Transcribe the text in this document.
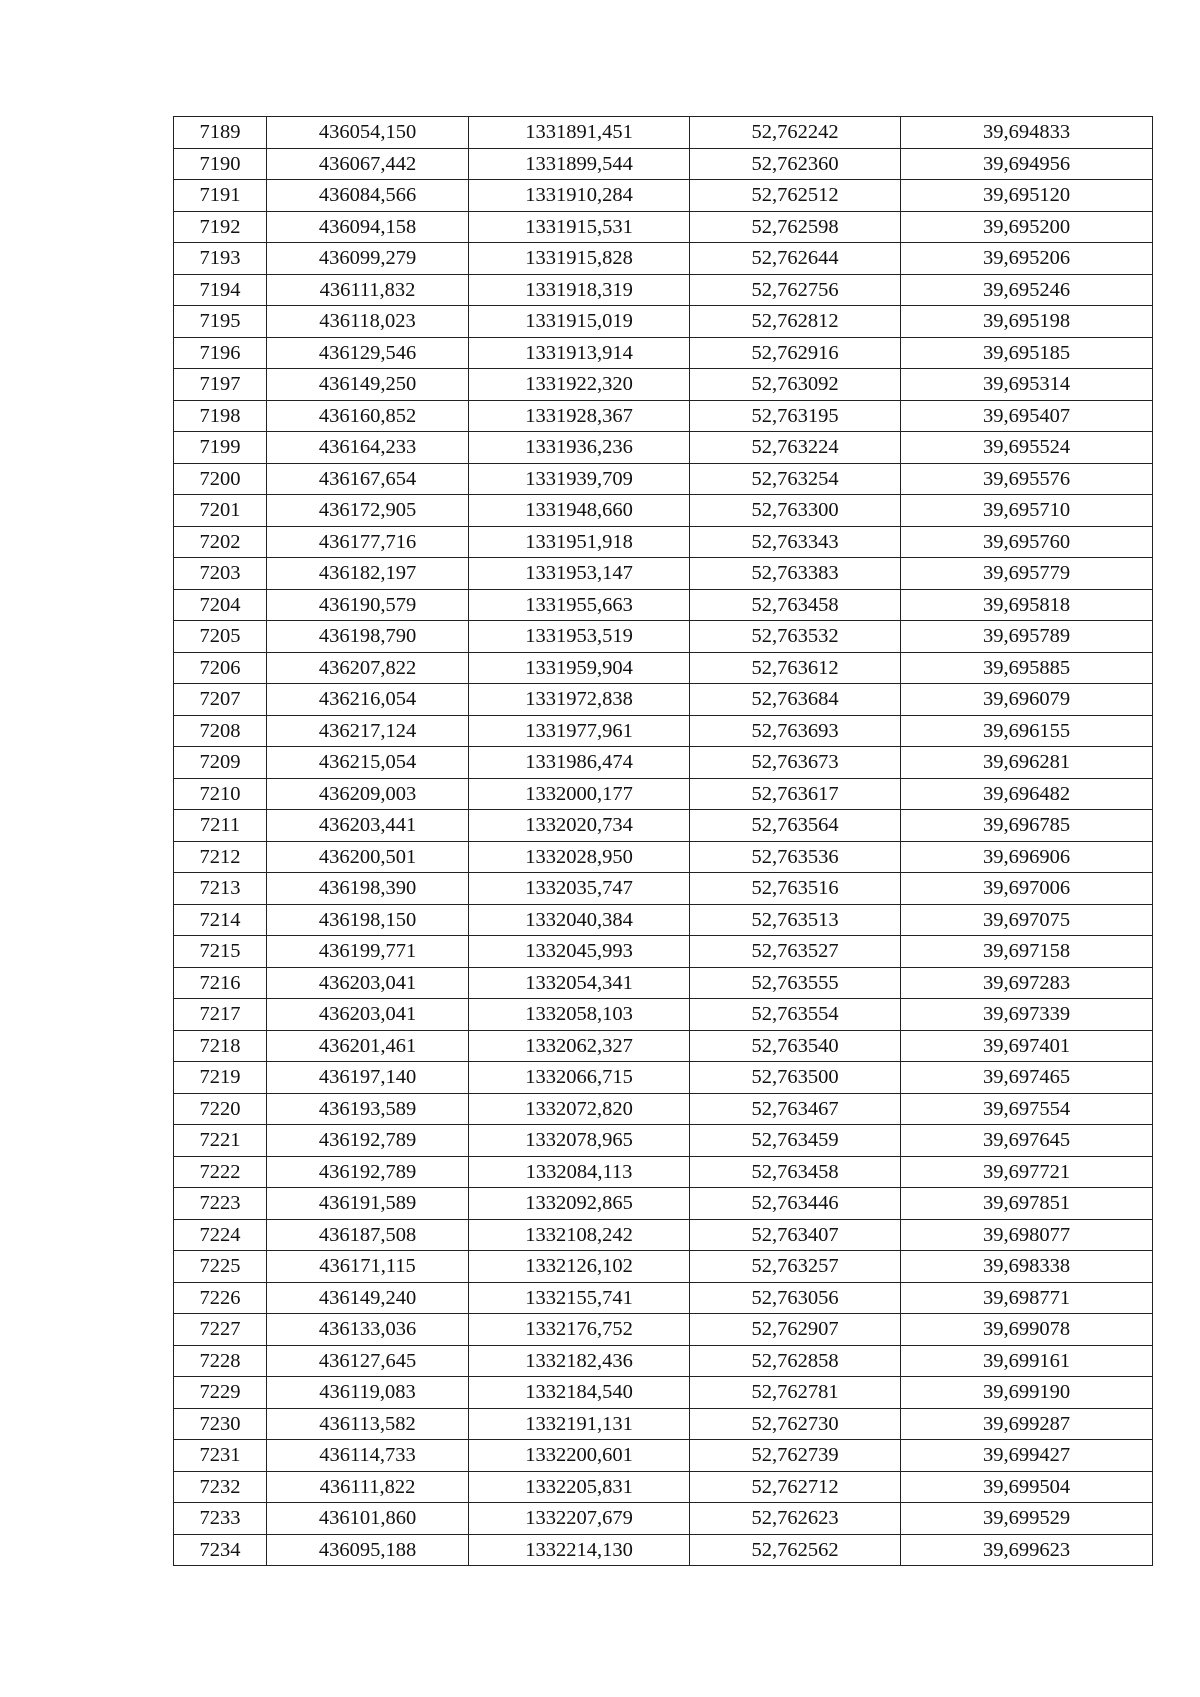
7189	436054,150	1331891,451	52,762242	39,694833
7190	436067,442	1331899,544	52,762360	39,694956
7191	436084,566	1331910,284	52,762512	39,695120
7192	436094,158	1331915,531	52,762598	39,695200
7193	436099,279	1331915,828	52,762644	39,695206
7194	436111,832	1331918,319	52,762756	39,695246
7195	436118,023	1331915,019	52,762812	39,695198
7196	436129,546	1331913,914	52,762916	39,695185
7197	436149,250	1331922,320	52,763092	39,695314
7198	436160,852	1331928,367	52,763195	39,695407
7199	436164,233	1331936,236	52,763224	39,695524
7200	436167,654	1331939,709	52,763254	39,695576
7201	436172,905	1331948,660	52,763300	39,695710
7202	436177,716	1331951,918	52,763343	39,695760
7203	436182,197	1331953,147	52,763383	39,695779
7204	436190,579	1331955,663	52,763458	39,695818
7205	436198,790	1331953,519	52,763532	39,695789
7206	436207,822	1331959,904	52,763612	39,695885
7207	436216,054	1331972,838	52,763684	39,696079
7208	436217,124	1331977,961	52,763693	39,696155
7209	436215,054	1331986,474	52,763673	39,696281
7210	436209,003	1332000,177	52,763617	39,696482
7211	436203,441	1332020,734	52,763564	39,696785
7212	436200,501	1332028,950	52,763536	39,696906
7213	436198,390	1332035,747	52,763516	39,697006
7214	436198,150	1332040,384	52,763513	39,697075
7215	436199,771	1332045,993	52,763527	39,697158
7216	436203,041	1332054,341	52,763555	39,697283
7217	436203,041	1332058,103	52,763554	39,697339
7218	436201,461	1332062,327	52,763540	39,697401
7219	436197,140	1332066,715	52,763500	39,697465
7220	436193,589	1332072,820	52,763467	39,697554
7221	436192,789	1332078,965	52,763459	39,697645
7222	436192,789	1332084,113	52,763458	39,697721
7223	436191,589	1332092,865	52,763446	39,697851
7224	436187,508	1332108,242	52,763407	39,698077
7225	436171,115	1332126,102	52,763257	39,698338
7226	436149,240	1332155,741	52,763056	39,698771
7227	436133,036	1332176,752	52,762907	39,699078
7228	436127,645	1332182,436	52,762858	39,699161
7229	436119,083	1332184,540	52,762781	39,699190
7230	436113,582	1332191,131	52,762730	39,699287
7231	436114,733	1332200,601	52,762739	39,699427
7232	436111,822	1332205,831	52,762712	39,699504
7233	436101,860	1332207,679	52,762623	39,699529
7234	436095,188	1332214,130	52,762562	39,699623
